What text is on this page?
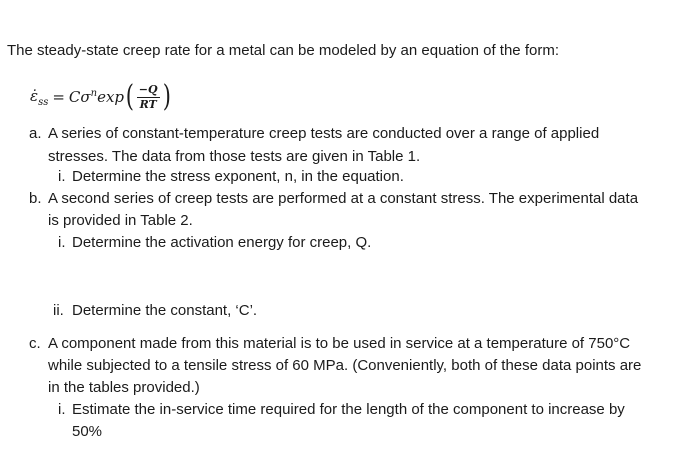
The steady-state creep rate for a metal can be modeled by an equation of the form:
$\varepsiloṅ_{ss} = C\sigma^n$ exp ( $\frac{-Q}{RT}$ )
a. A series of constant-temperature creep tests are conducted over a range of applied
stresses. The data from those tests are given in Table 1.
i. Determine the stress exponent, n, in the equation.
b. A second series of creep tests are performed at a constant stress. The experimental data
is provided in Table 2.
i. Determine the activation energy for creep, Q.
ii. Determine the constant, ‘C’.
c. A component made from this material is to be used in service at a temperature of 750°C
while subjected to a tensile stress of 60 MPa. (Conveniently, both of these data points are
in the tables provided.)
i. Estimate the in-service time required for the length of the component to increase by
50%
